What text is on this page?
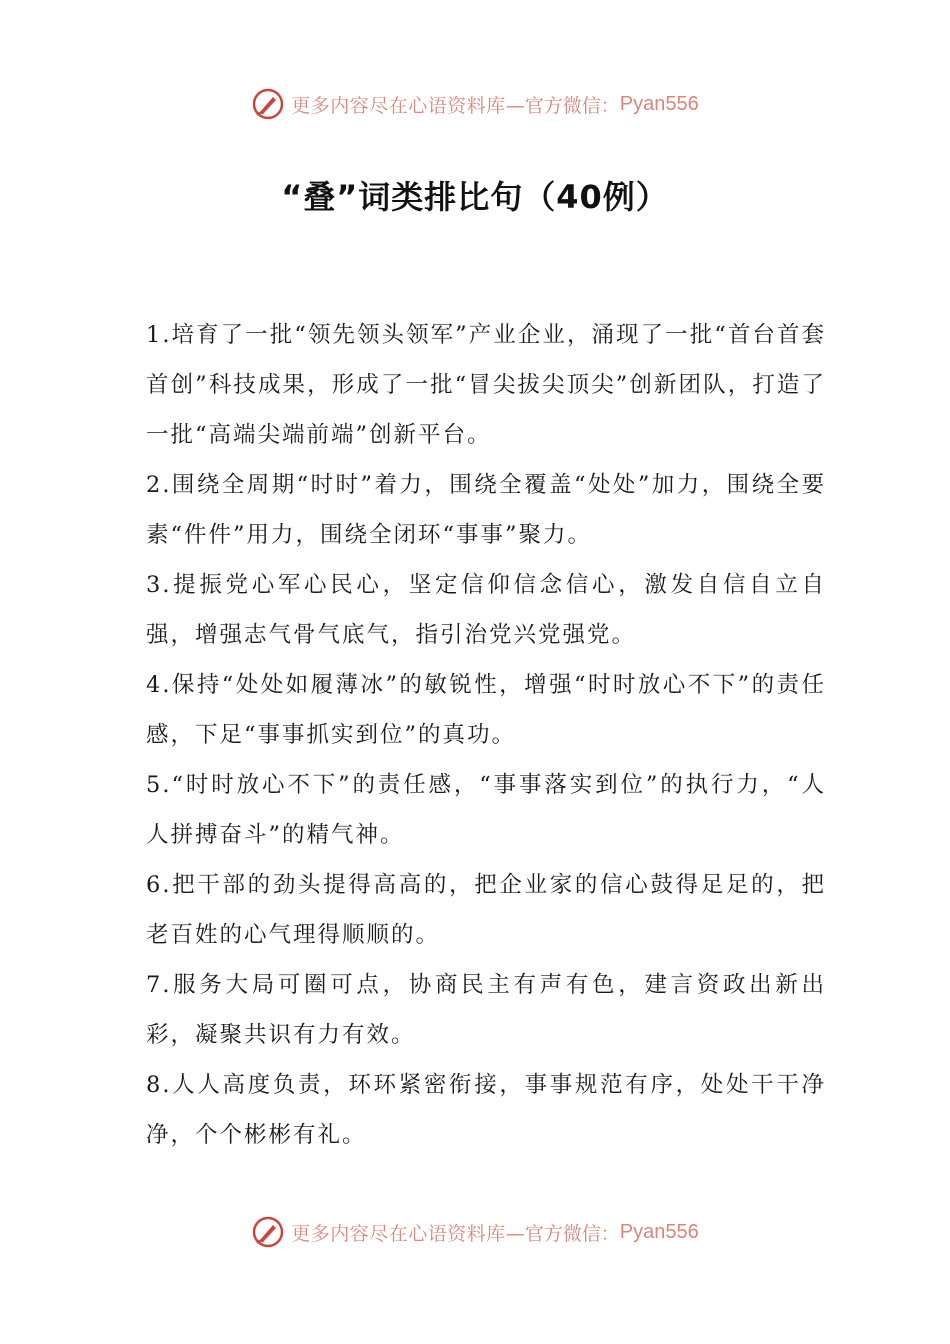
更多内容尽在心语资料库 —官方微信： Pyan556
“叠”词类排比句（40例）

1.培育了一批“领先领头领军”产业企业，涌现了一批“首台首套首创”科技成果，形成了一批“冒尖拔尖顶尖”创新团队，打造了一批“高端尖端前端”创新平台。

2.围绕全周期“时时”着力，围绕全覆盖“处处”加力，围绕全要素“件件”用力，围绕全闭环“事事”聚力。

3.提振党心军心民心，坚定信仰信念信心，激发自信自立自强，增强志气骨气底气，指引治党兴党强党。

4.保持“处处如履薄冰”的敏锐性，增强“时时放心不下”的责任感，下足“事事抓实到位”的真功。

5.“时时放心不下”的责任感，“事事落实到位”的执行力，“人人拼搏奋斗”的精气神。

6.把干部的劲头提得高高的，把企业家的信心鼓得足足的，把老百姓的心气理得顺顺的。

7.服务大局可圈可点，协商民主有声有色，建言资政出新出彩，凝聚共识有力有效。

8.人人高度负责，环环紧密衔接，事事规范有序，处处干干净净，个个彬彬有礼。

更多内容尽在心语资料库 —官方微信： Pyan556
